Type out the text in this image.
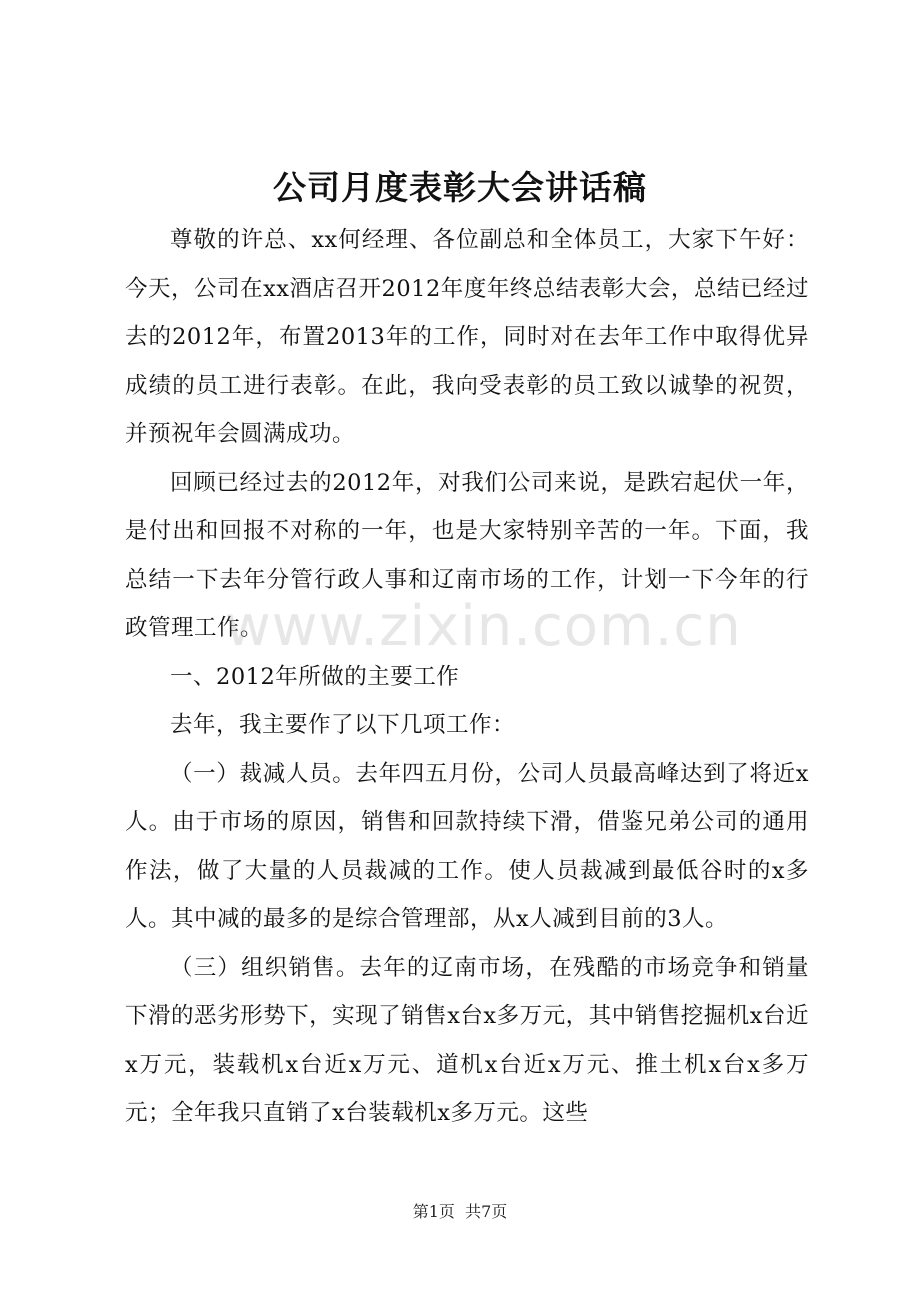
公司月度表彰大会讲话稿

尊敬的许总、xx何经理、各位副总和全体员工，大家下午好：今天，公司在xx酒店召开2012年度年终总结表彰大会，总结已经过去的2012年，布置2013年的工作，同时对在去年工作中取得优异成绩的员工进行表彰。在此，我向受表彰的员工致以诚挚的祝贺，并预祝年会圆满成功。

回顾已经过去的2012年，对我们公司来说，是跌宕起伏一年，是付出和回报不对称的一年，也是大家特别辛苦的一年。下面，我总结一下去年分管行政人事和辽南市场的工作，计划一下今年的行政管理工作。

一、2012年所做的主要工作

去年，我主要作了以下几项工作：

（一）裁减人员。去年四五月份，公司人员最高峰达到了将近x人。由于市场的原因，销售和回款持续下滑，借鉴兄弟公司的通用作法，做了大量的人员裁减的工作。使人员裁减到最低谷时的x多人。其中减的最多的是综合管理部，从x人减到目前的3人。

（三）组织销售。去年的辽南市场，在残酷的市场竞争和销量下滑的恶劣形势下，实现了销售x台x多万元，其中销售挖掘机x台近x万元，装载机x台近x万元、道机x台近x万元、推土机x台x多万元；全年我只直销了x台装载机x多万元。这些

www.zixin.com.cn
第1页 共7页
